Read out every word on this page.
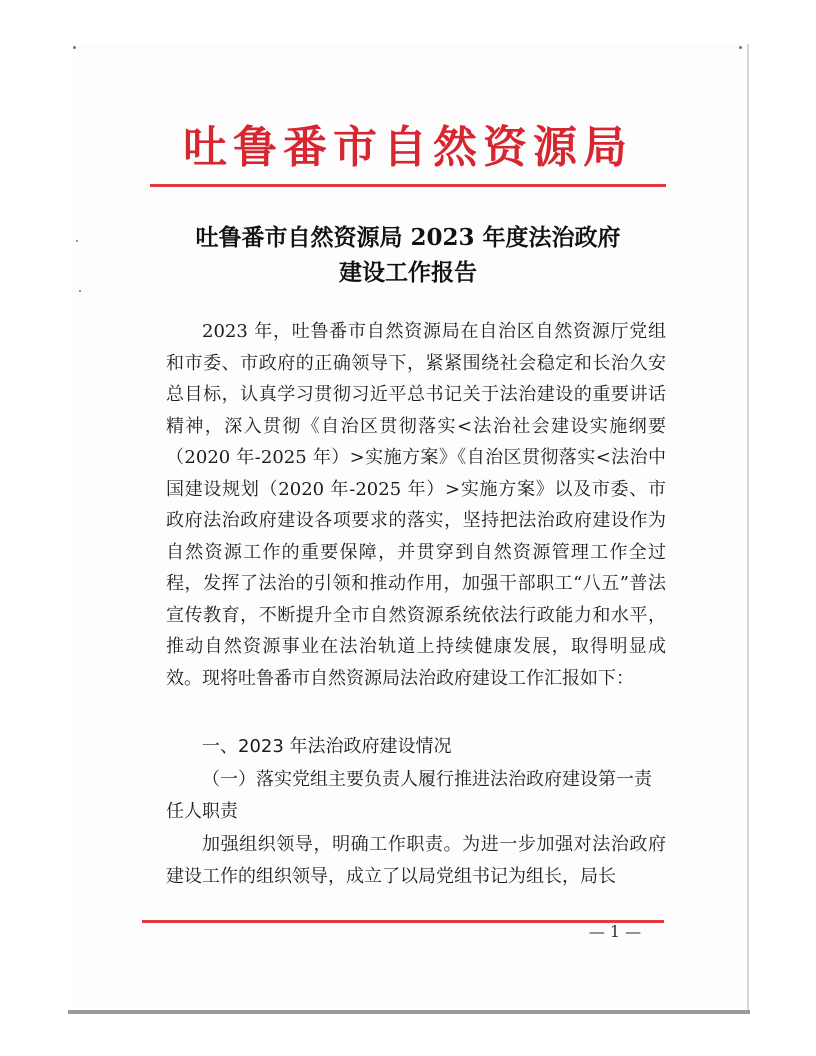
吐鲁番市自然资源局
吐鲁番市自然资源局 2023 年度法治政府
建设工作报告
2023 年，吐鲁番市自然资源局在自治区自然资源厅党组和市委、市政府的正确领导下，紧紧围绕社会稳定和长治久安总目标，认真学习贯彻习近平总书记关于法治建设的重要讲话精神，深入贯彻《自治区贯彻落实<法治社会建设实施纲要（2020 年-2025 年）>实施方案》《自治区贯彻落实<法治中国建设规划（2020 年-2025 年）>实施方案》以及市委、市政府法治政府建设各项要求的落实，坚持把法治政府建设作为自然资源工作的重要保障，并贯穿到自然资源管理工作全过程，发挥了法治的引领和推动作用，加强干部职工“八五”普法宣传教育，不断提升全市自然资源系统依法行政能力和水平，推动自然资源事业在法治轨道上持续健康发展，取得明显成效。现将吐鲁番市自然资源局法治政府建设工作汇报如下：
一、2023 年法治政府建设情况
（一）落实党组主要负责人履行推进法治政府建设第一责任人职责
加强组织领导，明确工作职责。为进一步加强对法治政府建设工作的组织领导，成立了以局党组书记为组长，局长
— 1 —
